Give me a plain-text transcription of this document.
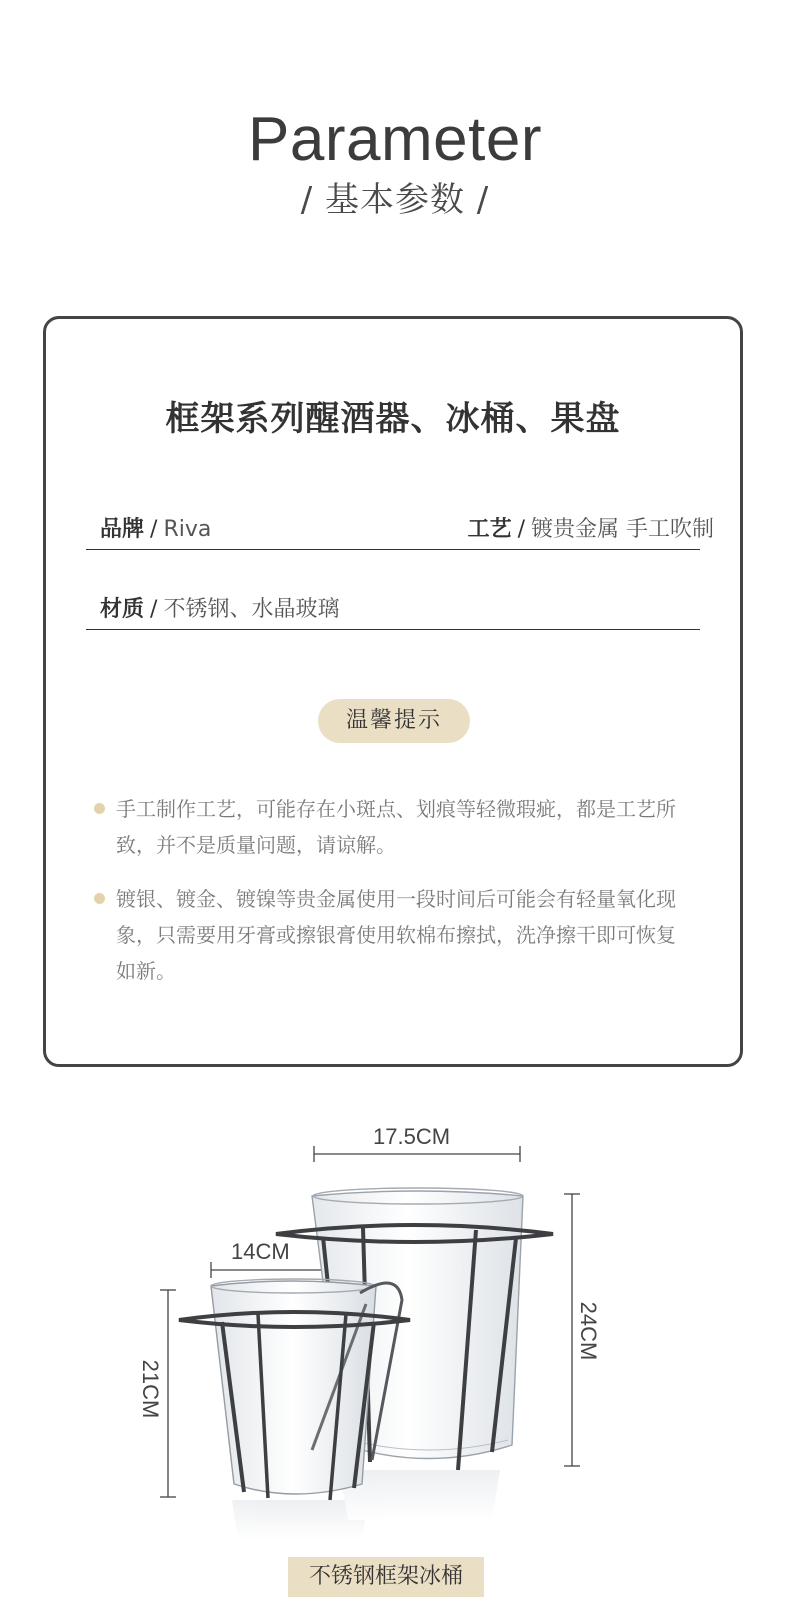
Parameter
/ 基本参数 /
框架系列醒酒器、冰桶、果盘
品牌 / Riva	工艺 / 镀贵金属 手工吹制
材质 / 不锈钢、水晶玻璃
温馨提示
手工制作工艺，可能存在小斑点、划痕等轻微瑕疵，都是工艺所致，并不是质量问题，请谅解。
镀银、镀金、镀镍等贵金属使用一段时间后可能会有轻量氧化现象，只需要用牙膏或擦银膏使用软棉布擦拭，洗净擦干即可恢复如新。
17.5CM
14CM
24CM
21CM
不锈钢框架冰桶
